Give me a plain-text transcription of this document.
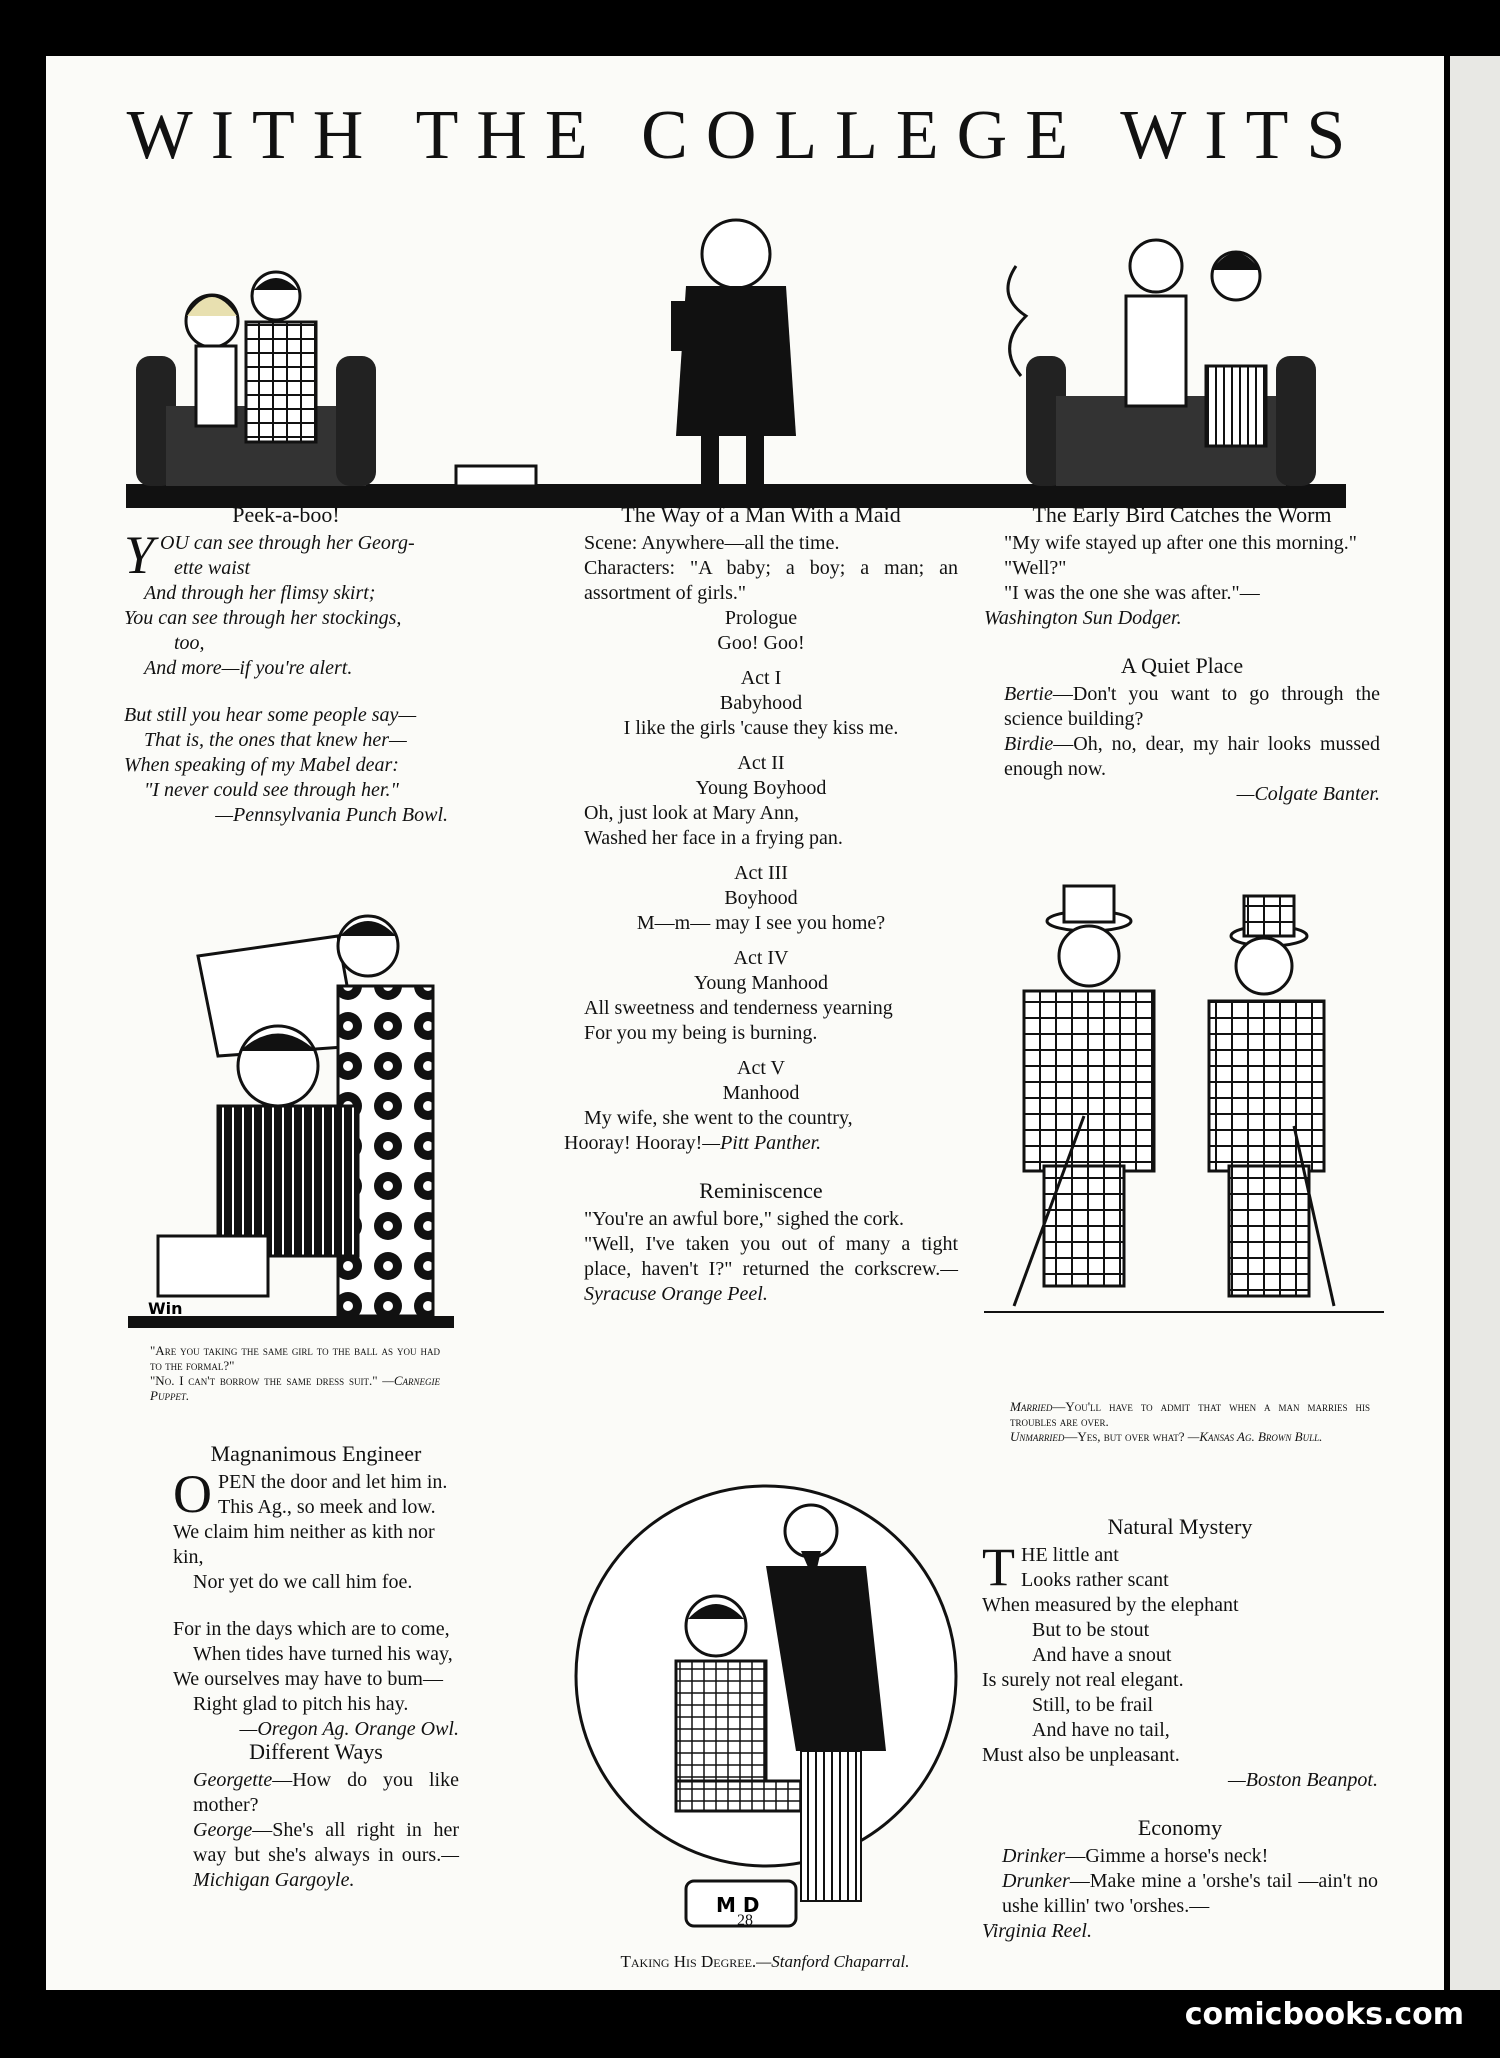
WITH THE COLLEGE WITS

Peek-a-boo!

Y OU can see through her Georg-

ette waist

And through her flimsy skirt;

You can see through her stockings,

too,

And more—if you're alert.

But still you hear some people say—

That is, the ones that knew her—

When speaking of my Mabel dear:

"I never could see through her."

—Pennsylvania Punch Bowl.

Win

"Are you taking the same girl to the ball as you had to the formal?"

"No. I can't borrow the same dress suit." —Carnegie Puppet.

Magnanimous Engineer

O PEN the door and let him in.

This Ag., so meek and low.

We claim him neither as kith nor kin,

Nor yet do we call him foe.

For in the days which are to come,

When tides have turned his way,

We ourselves may have to bum—

Right glad to pitch his hay.

—Oregon Ag. Orange Owl.

Different Ways

Georgette—How do you like mother?

George—She's all right in her way but she's always in ours.—Michigan Gargoyle.

The Way of a Man With a Maid

Scene: Anywhere—all the time.

Characters: "A baby; a boy; a man; an assortment of girls."

Prologue

Goo! Goo!

Act I

Babyhood

I like the girls 'cause they kiss me.

Act II

Young Boyhood

Oh, just look at Mary Ann,

Washed her face in a frying pan.

Act III

Boyhood

M—m— may I see you home?

Act IV

Young Manhood

All sweetness and tenderness yearning

For you my being is burning.

Act V

Manhood

My wife, she went to the country,

Hooray! Hooray!—Pitt Panther.

Reminiscence

"You're an awful bore," sighed the cork.

"Well, I've taken you out of many a tight place, haven't I?" returned the corkscrew.—Syracuse Orange Peel.

M D

Taking His Degree.—Stanford Chaparral.

The Early Bird Catches the Worm

"My wife stayed up after one this morning."

"Well?"

"I was the one she was after."—

Washington Sun Dodger.

A Quiet Place

Bertie—Don't you want to go through the science building?

Birdie—Oh, no, dear, my hair looks mussed enough now.

—Colgate Banter.

Married—You'll have to admit that when a man marries his troubles are over.

Unmarried—Yes, but over what? —Kansas Ag. Brown Bull.

Natural Mystery

T HE little ant

Looks rather scant

When measured by the elephant

But to be stout

And have a snout

Is surely not real elegant.

Still, to be frail

And have no tail,

Must also be unpleasant.

—Boston Beanpot.

Economy

Drinker—Gimme a horse's neck!

Drunker—Make mine a 'orshe's tail —ain't no ushe killin' two 'orshes.—

Virginia Reel.

28
comicbooks.com
